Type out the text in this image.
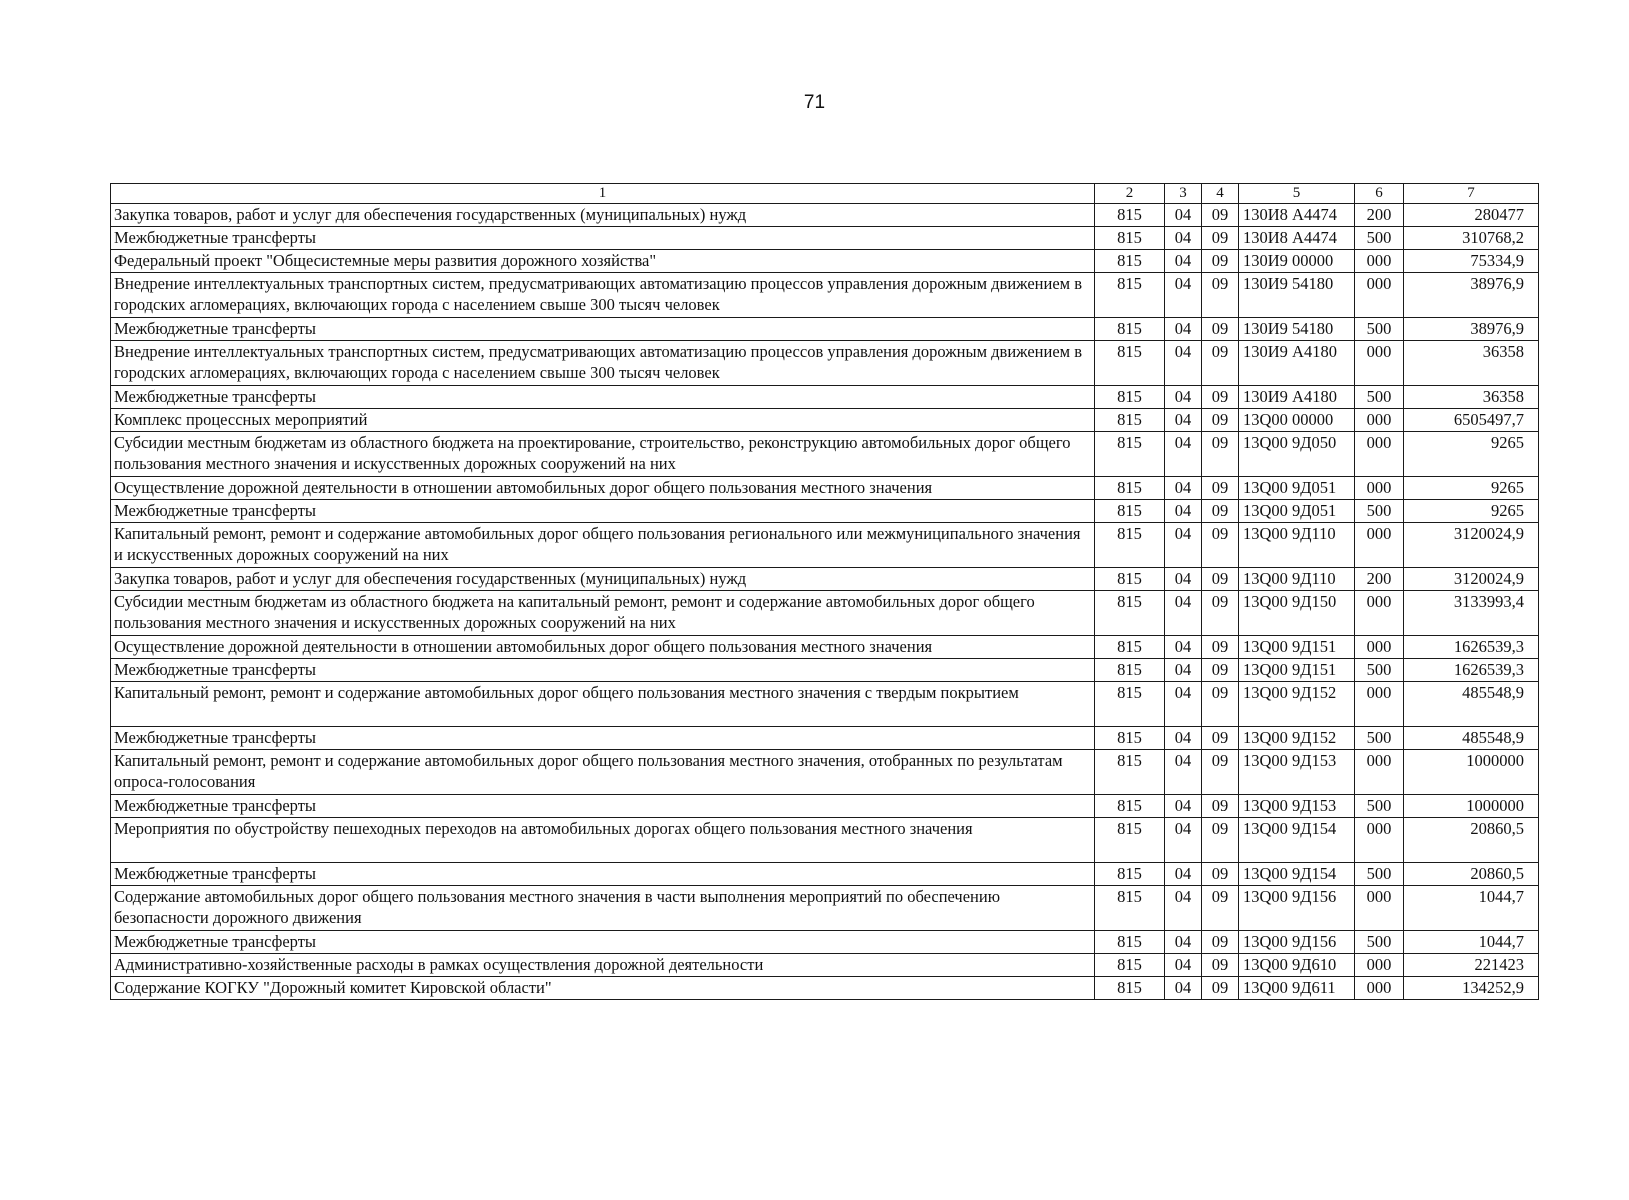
71
1	2	3	4	5	6	7
Закупка товаров, работ и услуг для обеспечения государственных (муниципальных) нужд	815	04	09	130И8 А4474	200	280477
Межбюджетные трансферты	815	04	09	130И8 А4474	500	310768,2
Федеральный проект "Общесистемные меры развития дорожного хозяйства"	815	04	09	130И9 00000	000	75334,9
Внедрение интеллектуальных транспортных систем, предусматривающих автоматизацию процессов управления дорожным движением в городских агломерациях, включающих города с населением свыше 300 тысяч человек	815	04	09	130И9 54180	000	38976,9
Межбюджетные трансферты	815	04	09	130И9 54180	500	38976,9
Внедрение интеллектуальных транспортных систем, предусматривающих автоматизацию процессов управления дорожным движением в городских агломерациях, включающих города с населением свыше 300 тысяч человек	815	04	09	130И9 А4180	000	36358
Межбюджетные трансферты	815	04	09	130И9 А4180	500	36358
Комплекс процессных мероприятий	815	04	09	13Q00 00000	000	6505497,7
Субсидии местным бюджетам из областного бюджета на проектирование, строительство, реконструкцию автомобильных дорог общего пользования местного значения и искусственных дорожных сооружений на них	815	04	09	13Q00 9Д050	000	9265
Осуществление дорожной деятельности в отношении автомобильных дорог общего пользования местного значения	815	04	09	13Q00 9Д051	000	9265
Межбюджетные трансферты	815	04	09	13Q00 9Д051	500	9265
Капитальный ремонт, ремонт и содержание автомобильных дорог общего пользования регионального или межмуниципального значения и искусственных дорожных сооружений на них	815	04	09	13Q00 9Д110	000	3120024,9
Закупка товаров, работ и услуг для обеспечения государственных (муниципальных) нужд	815	04	09	13Q00 9Д110	200	3120024,9
Субсидии местным бюджетам из областного бюджета на капитальный ремонт, ремонт и содержание автомобильных дорог общего пользования местного значения и искусственных дорожных сооружений на них	815	04	09	13Q00 9Д150	000	3133993,4
Осуществление дорожной деятельности в отношении автомобильных дорог общего пользования местного значения	815	04	09	13Q00 9Д151	000	1626539,3
Межбюджетные трансферты	815	04	09	13Q00 9Д151	500	1626539,3
Капитальный ремонт, ремонт и содержание автомобильных дорог общего пользования местного значения с твердым покрытием	815	04	09	13Q00 9Д152	000	485548,9
Межбюджетные трансферты	815	04	09	13Q00 9Д152	500	485548,9
Капитальный ремонт, ремонт и содержание автомобильных дорог общего пользования местного значения, отобранных по результатам опроса-голосования	815	04	09	13Q00 9Д153	000	1000000
Межбюджетные трансферты	815	04	09	13Q00 9Д153	500	1000000
Мероприятия по обустройству пешеходных переходов на автомобильных дорогах общего пользования местного значения	815	04	09	13Q00 9Д154	000	20860,5
Межбюджетные трансферты	815	04	09	13Q00 9Д154	500	20860,5
Содержание автомобильных дорог общего пользования местного значения в части выполнения мероприятий по обеспечению безопасности дорожного движения	815	04	09	13Q00 9Д156	000	1044,7
Межбюджетные трансферты	815	04	09	13Q00 9Д156	500	1044,7
Административно-хозяйственные расходы в рамках осуществления дорожной деятельности	815	04	09	13Q00 9Д610	000	221423
Содержание КОГКУ "Дорожный комитет Кировской области"	815	04	09	13Q00 9Д611	000	134252,9
